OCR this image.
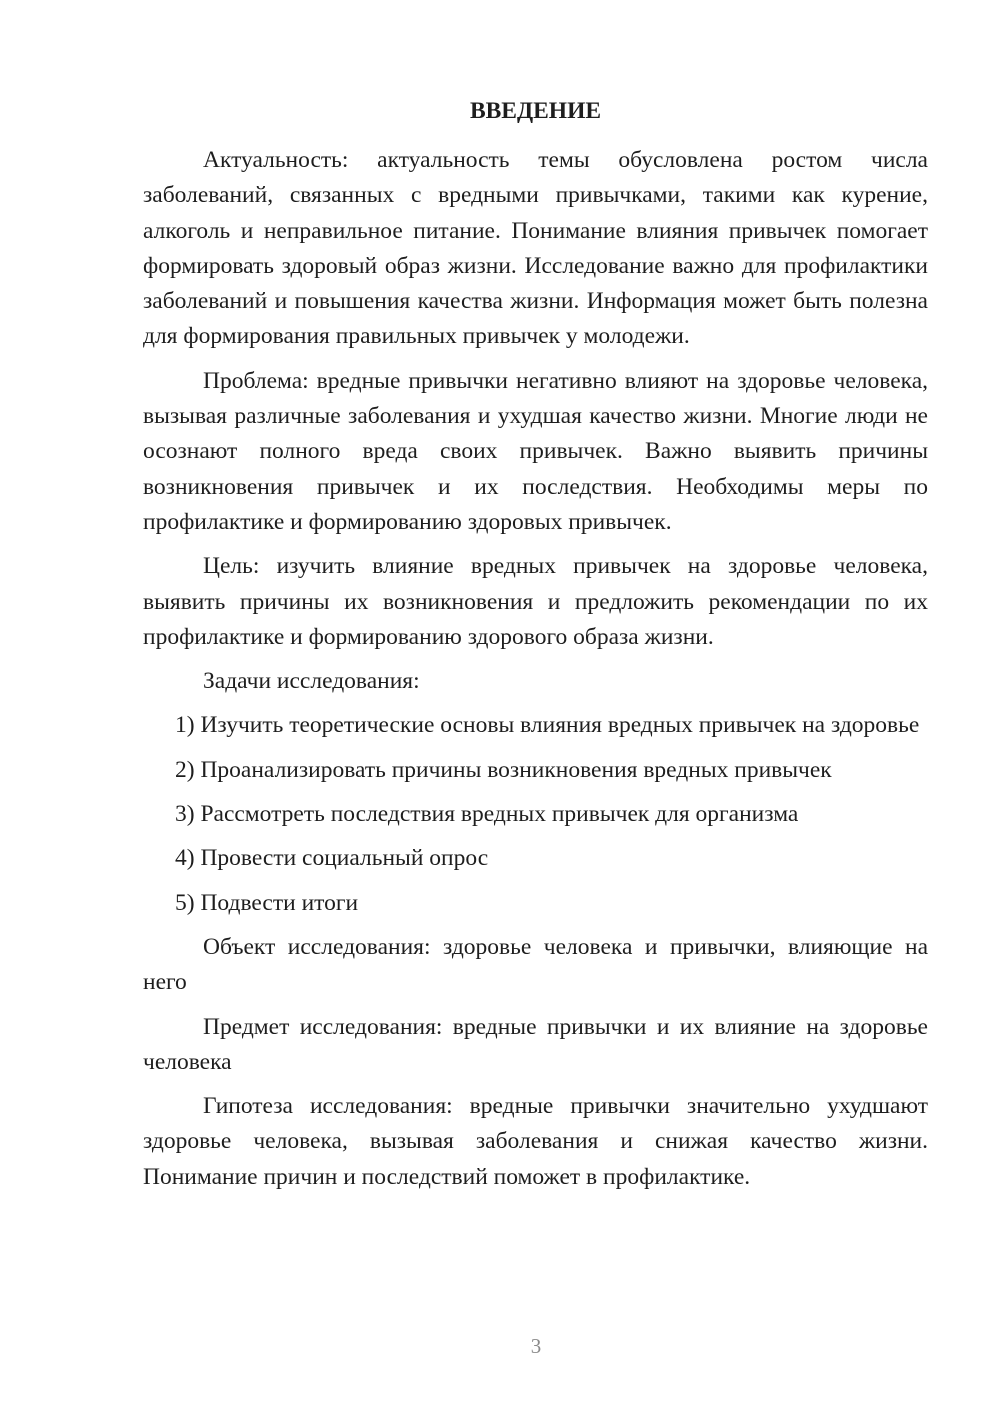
ВВЕДЕНИЕ

Актуальность: актуальность темы обусловлена ростом числа заболеваний, связанных с вредными привычками, такими как курение, алкоголь и неправильное питание. Понимание влияния привычек помогает формировать здоровый образ жизни. Исследование важно для профилактики заболеваний и повышения качества жизни. Информация может быть полезна для формирования правильных привычек у молодежи.

Проблема: вредные привычки негативно влияют на здоровье человека, вызывая различные заболевания и ухудшая качество жизни. Многие люди не осознают полного вреда своих привычек. Важно выявить причины возникновения привычек и их последствия. Необходимы меры по профилактике и формированию здоровых привычек.

Цель: изучить влияние вредных привычек на здоровье человека, выявить причины их возникновения и предложить рекомендации по их профилактике и формированию здорового образа жизни.

Задачи исследования:

1) Изучить теоретические основы влияния вредных привычек на здоровье

2) Проанализировать причины возникновения вредных привычек

3) Рассмотреть последствия вредных привычек для организма

4) Провести социальный опрос

5) Подвести итоги

Объект исследования: здоровье человека и привычки, влияющие на него

Предмет исследования: вредные привычки и их влияние на здоровье человека

Гипотеза исследования: вредные привычки значительно ухудшают здоровье человека, вызывая заболевания и снижая качество жизни. Понимание причин и последствий поможет в профилактике.

3
